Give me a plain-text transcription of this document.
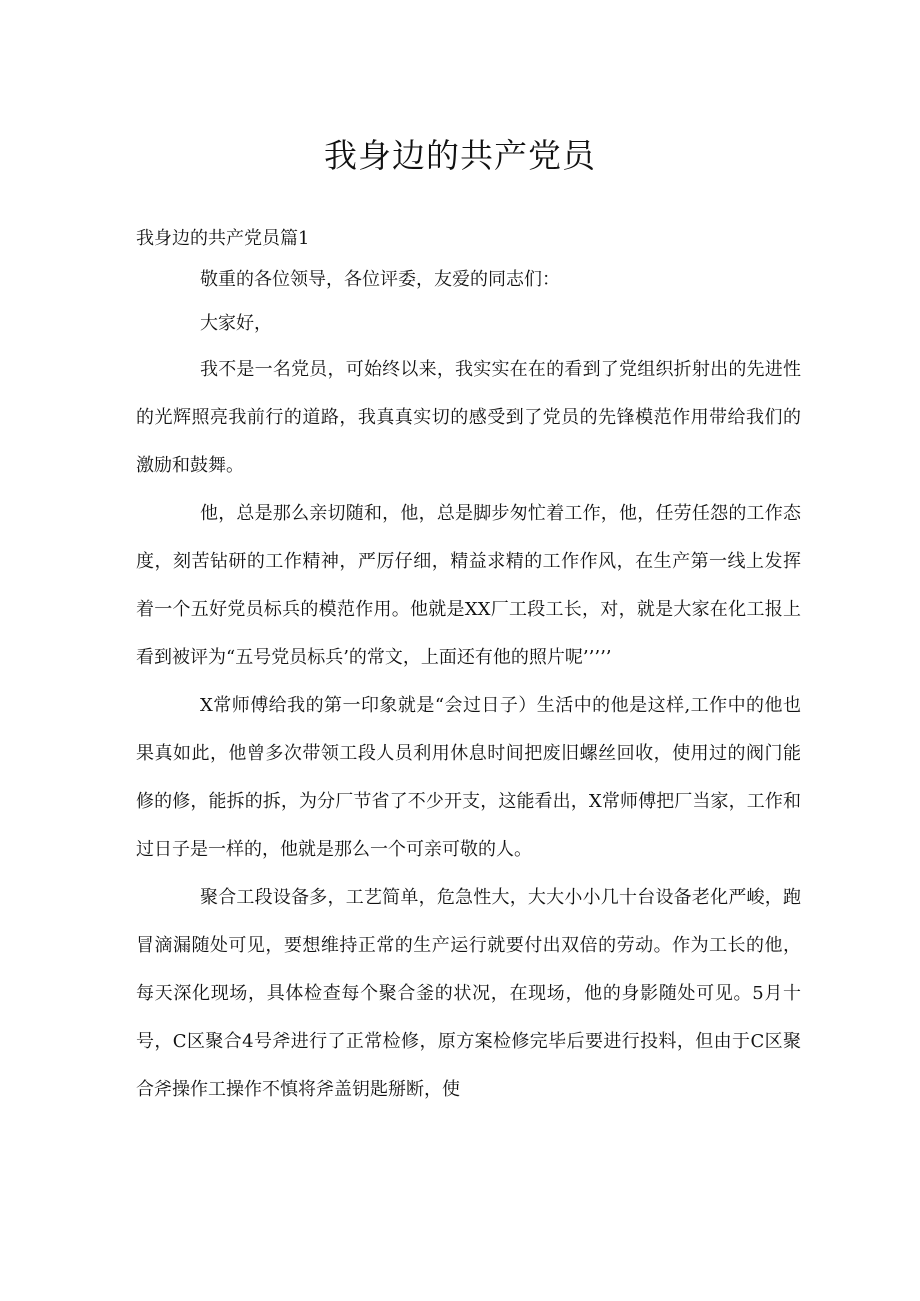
我身边的共产党员

我身边的共产党员篇1

敬重的各位领导，各位评委，友爱的同志们：

大家好，

我不是一名党员，可始终以来，我实实在在的看到了党组织折射出的先进性的光辉照亮我前行的道路，我真真实切的感受到了党员的先锋模范作用带给我们的激励和鼓舞。

他，总是那么亲切随和，他，总是脚步匆忙着工作，他，任劳任怨的工作态度，刻苦钻研的工作精神，严厉仔细，精益求精的工作作风，在生产第一线上发挥着一个五好党员标兵的模范作用。他就是XX厂工段工长，对，就是大家在化工报上看到被评为“五号党员标兵’的常文，上面还有他的照片呢’’’’’

X常师傅给我的第一印象就是“会过日子）生活中的他是这样,工作中的他也果真如此，他曾多次带领工段人员利用休息时间把废旧螺丝回收，使用过的阀门能修的修，能拆的拆，为分厂节省了不少开支，这能看出，X常师傅把厂当家，工作和过日子是一样的，他就是那么一个可亲可敬的人。

聚合工段设备多，工艺简单，危急性大，大大小小几十台设备老化严峻，跑冒滴漏随处可见，要想维持正常的生产运行就要付出双倍的劳动。作为工长的他，每天深化现场，具体检查每个聚合釜的状况，在现场，他的身影随处可见。5月十号，C区聚合4号斧进行了正常检修，原方案检修完毕后要进行投料，但由于C区聚合斧操作工操作不慎将斧盖钥匙掰断，使
